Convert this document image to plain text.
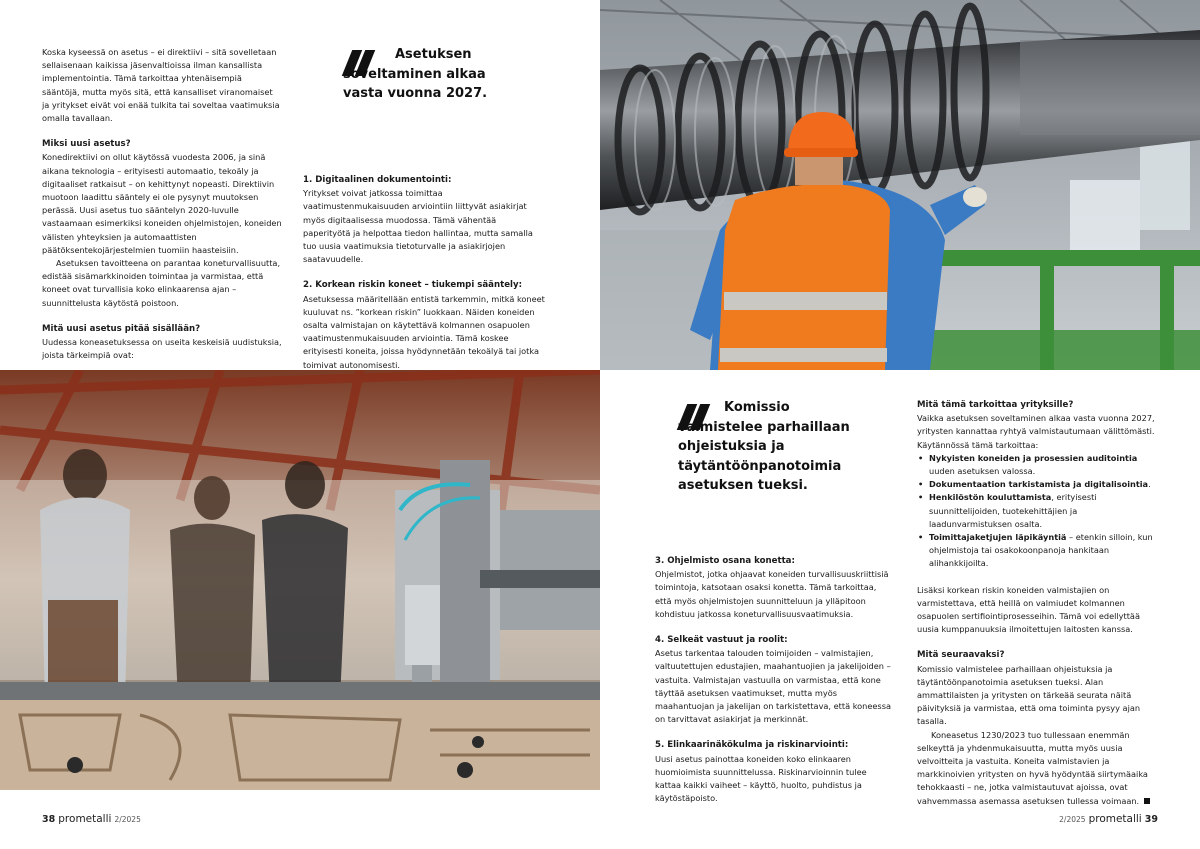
Koska kyseessä on asetus – ei direktiivi – sitä sovelletaan sellaisenaan kaikissa jäsenvaltioissa ilman kansallista implementointia. Tämä tarkoittaa yhtenäisempiä sääntöjä, mutta myös sitä, että kansalliset viranomaiset ja yritykset eivät voi enää tulkita tai soveltaa vaatimuksia omalla tavallaan.

Miksi uusi asetus?

Konedirektiivi on ollut käytössä vuodesta 2006, ja sinä aikana teknologia – erityisesti automaatio, tekoäly ja digitaaliset ratkaisut – on kehittynyt nopeasti. Direktiivin muotoon laadittu sääntely ei ole pysynyt muutoksen perässä. Uusi asetus tuo sääntelyn 2020-luvulle vastaamaan esimerkiksi koneiden ohjelmistojen, koneiden välisten yhteyksien ja automaattisten päätöksentekojärjestelmien tuomiin haasteisiin.

Asetuksen tavoitteena on parantaa koneturvallisuutta, edistää sisämarkkinoiden toimintaa ja varmistaa, että koneet ovat turvallisia koko elinkaarensa ajan – suunnittelusta käytöstä poistoon.

Mitä uusi asetus pitää sisällään?

Uudessa koneasetuksessa on useita keskeisiä uudistuksia, joista tärkeimpiä ovat:

Asetuksen soveltaminen alkaa vasta vuonna 2027.
1. Digitaalinen dokumentointi:

Yritykset voivat jatkossa toimittaa vaatimustenmukaisuuden arviointiin liittyvät asiakirjat myös digitaalisessa muodossa. Tämä vähentää paperityötä ja helpottaa tiedon hallintaa, mutta samalla tuo uusia vaatimuksia tietoturvalle ja asiakirjojen saatavuudelle.

2. Korkean riskin koneet – tiukempi sääntely:

Asetuksessa määritellään entistä tarkemmin, mitkä koneet kuuluvat ns. ”korkean riskin” luokkaan. Näiden koneiden osalta valmistajan on käytettävä kolmannen osapuolen vaatimustenmukaisuuden arviointia. Tämä koskee erityisesti koneita, joissa hyödynnetään tekoälyä tai jotka toimivat autonomisesti.

Komissio valmistelee parhaillaan ohjeistuksia ja täytäntöönpanotoimia asetuksen tueksi.
3. Ohjelmisto osana konetta:

Ohjelmistot, jotka ohjaavat koneiden turvallisuuskriittisiä toimintoja, katsotaan osaksi konetta. Tämä tarkoittaa, että myös ohjelmistojen suunnitteluun ja ylläpitoon kohdistuu jatkossa koneturvallisuusvaatimuksia.

4. Selkeät vastuut ja roolit:

Asetus tarkentaa talouden toimijoiden – valmistajien, valtuutettujen edustajien, maahantuojien ja jakelijoiden – vastuita. Valmistajan vastuulla on varmistaa, että kone täyttää asetuksen vaatimukset, mutta myös maahantuojan ja jakelijan on tarkistettava, että koneessa on tarvittavat asiakirjat ja merkinnät.

5. Elinkaarinäkökulma ja riskinarviointi:

Uusi asetus painottaa koneiden koko elinkaaren huomioimista suunnittelussa. Riskinarvioinnin tulee kattaa kaikki vaiheet – käyttö, huolto, puhdistus ja käytöstäpoisto.

Mitä tämä tarkoittaa yrityksille?

Vaikka asetuksen soveltaminen alkaa vasta vuonna 2027, yritysten kannattaa ryhtyä valmistautumaan välittömästi. Käytännössä tämä tarkoittaa:

• Nykyisten koneiden ja prosessien auditointia uuden asetuksen valossa.
• Dokumentaation tarkistamista ja digitalisointia.
• Henkilöstön kouluttamista, erityisesti suunnittelijoiden, tuotekehittäjien ja laadunvarmistuksen osalta.
• Toimittajaketjujen läpikäyntiä – etenkin silloin, kun ohjelmistoja tai osakokoonpanoja hankitaan alihankkijoilta.

Lisäksi korkean riskin koneiden valmistajien on varmistettava, että heillä on valmiudet kolmannen osapuolen sertifiointiprosesseihin. Tämä voi edellyttää uusia kumppanuuksia ilmoitettujen laitosten kanssa.

Mitä seuraavaksi?

Komissio valmistelee parhaillaan ohjeistuksia ja täytäntöönpanotoimia asetuksen tueksi. Alan ammattilaisten ja yritysten on tärkeää seurata näitä päivityksiä ja varmistaa, että oma toiminta pysyy ajan tasalla.

Koneasetus 1230/2023 tuo tullessaan enemmän selkeyttä ja yhdenmukaisuutta, mutta myös uusia velvoitteita ja vastuita. Koneita valmistavien ja markkinoivien yritysten on hyvä hyödyntää siirtymäaika tehokkaasti – ne, jotka valmistautuvat ajoissa, ovat vahvemmassa asemassa asetuksen tullessa voimaan.

38 prometalli 2/2025	2/2025 prometalli 39
